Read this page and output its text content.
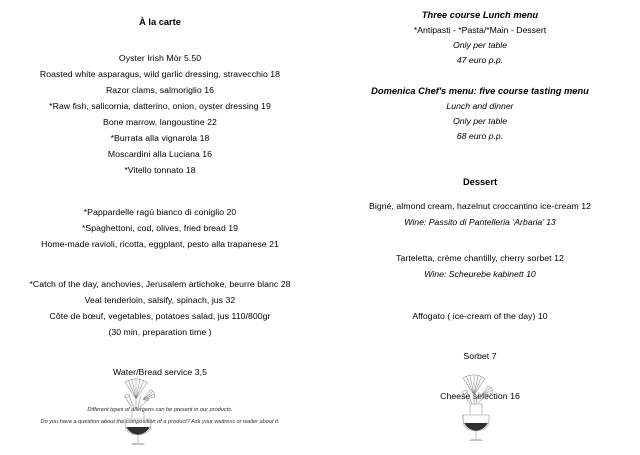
À la carte
Oyster Irish Mòr 5.50
Roasted white asparagus, wild garlic dressing, stravecchio 18
Razor clams, salmoriglio 16
*Raw fish, salicornia, datterino, onion, oyster dressing 19
Bone marrow, langoustine 22
*Burrata alla vignarola 18
Moscardini alla Luciana 16
*Vitello tonnato 18
*Pappardelle ragú bianco di coniglio 20
*Spaghettoni, cod, olives, fried bread 19
Home-made ravioli, ricotta, eggplant, pesto alla trapanese 21
*Catch of the day, anchovies, Jerusalem artichoke, beurre blanc 28
Veal tenderloin, salsify, spinach, jus 32
Côte de bœuf, vegetables, potatoes salad, jus 110/800gr
(30 min. preparation time )
Water/Bread service 3,5
Different types of allergens can be present in our products.
Do you have a question about the composition of a product? Ask your waitress or waiter about it.
Three course Lunch menu
*Antipasti - *Pasta/*Main - Dessert
Only per table
47 euro p.p.
Domenica Chef's menu: five course tasting menu
Lunch and dinner
Only per table
68 euro p.p.
Dessert
Bigné, almond cream, hazelnut croccantino ice-cream 12
Wine: Passito di Pantelleria ‘Arbaria’ 13
Tarteletta, crème chantilly, cherry sorbet 12
Wine: Scheurebe kabinett 10
Affogato ( ice-cream of the day) 10
Sorbet 7
Cheese selection 16
